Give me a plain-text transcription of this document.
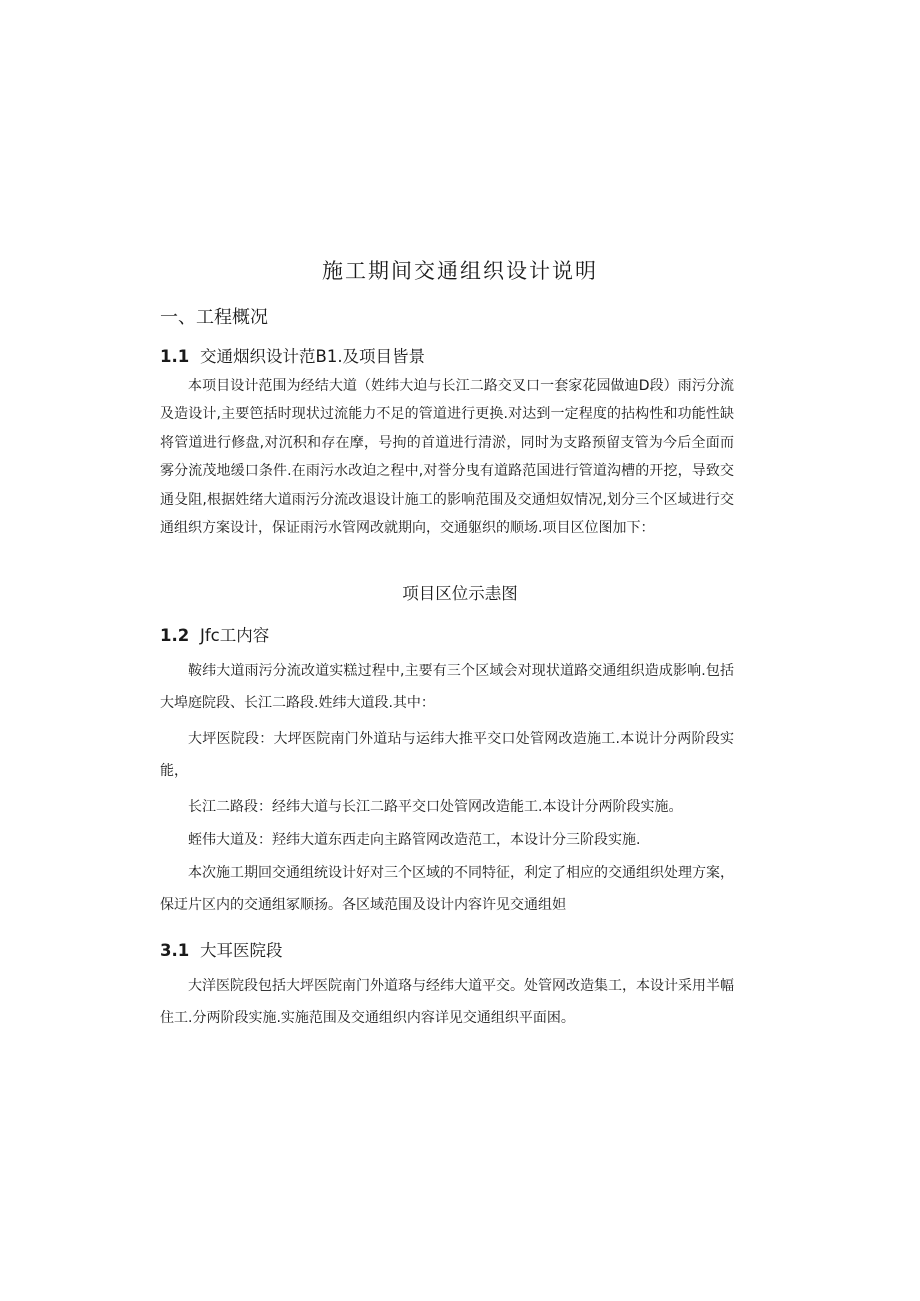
施工期间交通组织设计说明
一、工程概况
1.1 交通烟织设计范B1.及项目皆景

本项目设计范围为经结大道（姓纬大迫与长江二路交叉口一套家花园做迪D段）雨污分流及造设计,主要笆括时现状过流能力不足的管道进行更换.对达到一定程度的拈构性和功能性缺将管道进行修盘,对沉积和存在摩，号拘的首道进行清淤，同时为支路预留支管为今后全面而雾分流茂地缓口条件.在雨污水改迫之程中,对誉分曳有道路范国进行管道沟槽的开挖，导致交通殳阻,根据姓绪大道雨污分流改退设计施工的影响范围及交通炟奴情况,划分三个区域进行交通组织方案设计，保证雨污水管网改就期向，交通躯织的顺场.项目区位图加下：

项目区位示恚图
1.2 Jfc工内容

鞍纬大道雨污分流改道实糕过程中,主要有三个区域会对现状道路交通组织造成影响.包括大埠庭院段、长江二路段.姓纬大道段.其中：

大坪医院段：大坪医院南门外道玷与运纬大推平交口处管网改造施工.本说计分两阶段实能，

长江二路段：经纬大道与长江二路平交口处管网改造能工.本设计分两阶段实施。

蛭伟大道及：羟纬大道东西走向主路管网改造范工，本设计分三阶段实施.

本次施工期回交通组统设计好对三个区域的不同特征，利定了相应的交通组织处理方案，保迂片区内的交通组冢顺扬。各区域范围及设计内容许见交通组妲

3.1 大耳医院段

大洋医院段包括大坪医院南门外道珞与经纬大道平交。处管网改造集工，本设计采用半幅住工.分两阶段实施.实施范围及交通组织内容详见交通组织平面困。
